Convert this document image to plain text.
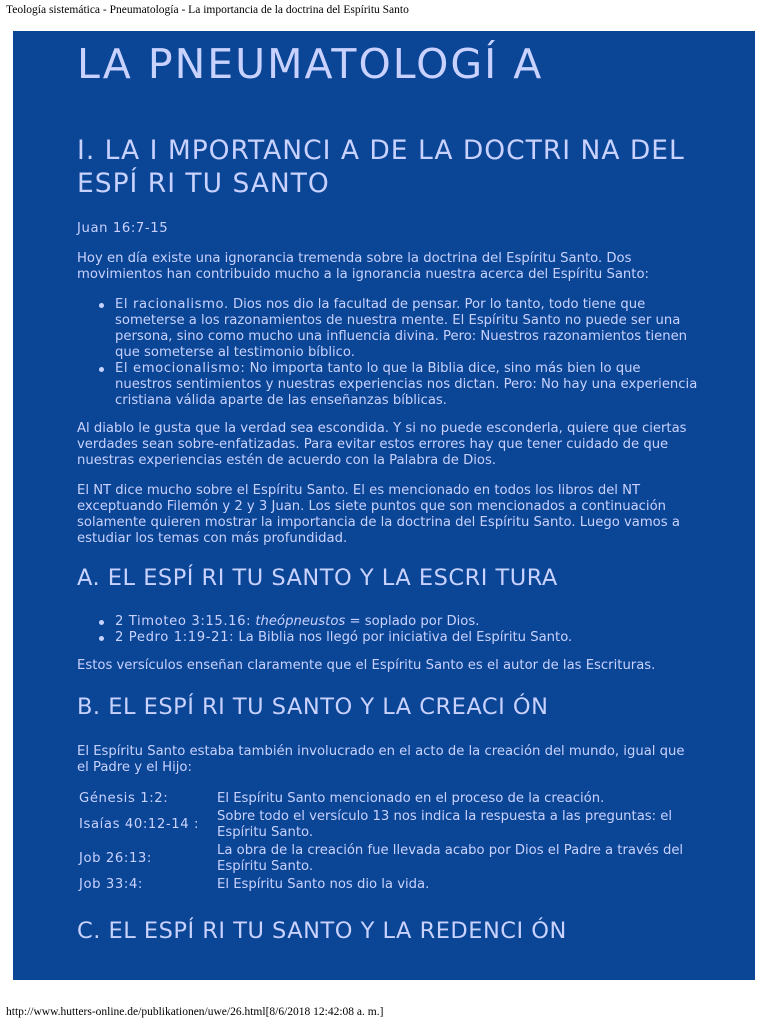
Teología sistemática - Pneumatología - La importancia de la doctrina del Espíritu Santo
LA PNEUMATOLOGÍ A
I. LA I MPORTANCI A DE LA DOCTRI NA DEL ESPÍ RI TU SANTO

Juan 16:7-15

Hoy en día existe una ignorancia tremenda sobre la doctrina del Espíritu Santo. Dos movimientos han contribuido mucho a la ignorancia nuestra acerca del Espíritu Santo:

El racionalismo. Dios nos dio la facultad de pensar. Por lo tanto, todo tiene que someterse a los razonamientos de nuestra mente. El Espíritu Santo no puede ser una persona, sino como mucho una influencia divina. Pero: Nuestros razonamientos tienen que someterse al testimonio bíblico.
El emocionalismo: No importa tanto lo que la Biblia dice, sino más bien lo que nuestros sentimientos y nuestras experiencias nos dictan. Pero: No hay una experiencia cristiana válida aparte de las enseñanzas bíblicas.

Al diablo le gusta que la verdad sea escondida. Y si no puede esconderla, quiere que ciertas verdades sean sobre-enfatizadas. Para evitar estos errores hay que tener cuidado de que nuestras experiencias estén de acuerdo con la Palabra de Dios.

El NT dice mucho sobre el Espíritu Santo. El es mencionado en todos los libros del NT exceptuando Filemón y 2 y 3 Juan. Los siete puntos que son mencionados a continuación solamente quieren mostrar la importancia de la doctrina del Espíritu Santo. Luego vamos a estudiar los temas con más profundidad.

A. EL ESPÍ RI TU SANTO Y LA ESCRI TURA
2 Timoteo 3:15.16: theópneustos = soplado por Dios.
2 Pedro 1:19-21: La Biblia nos llegó por iniciativa del Espíritu Santo.

Estos versículos enseñan claramente que el Espíritu Santo es el autor de las Escrituras.

B. EL ESPÍ RI TU SANTO Y LA CREACI ÓN

El Espíritu Santo estaba también involucrado en el acto de la creación del mundo, igual que el Padre y el Hijo:

Génesis 1:2:	El Espíritu Santo mencionado en el proceso de la creación.
Isaías 40:12-14 :	Sobre todo el versículo 13 nos indica la respuesta a las preguntas: el Espíritu Santo.
Job 26:13:	La obra de la creación fue llevada acabo por Dios el Padre a través del Espíritu Santo.
Job 33:4:	El Espíritu Santo nos dio la vida.
C. EL ESPÍ RI TU SANTO Y LA REDENCI ÓN
http://www.hutters-online.de/publikationen/uwe/26.html[8/6/2018 12:42:08 a. m.]
